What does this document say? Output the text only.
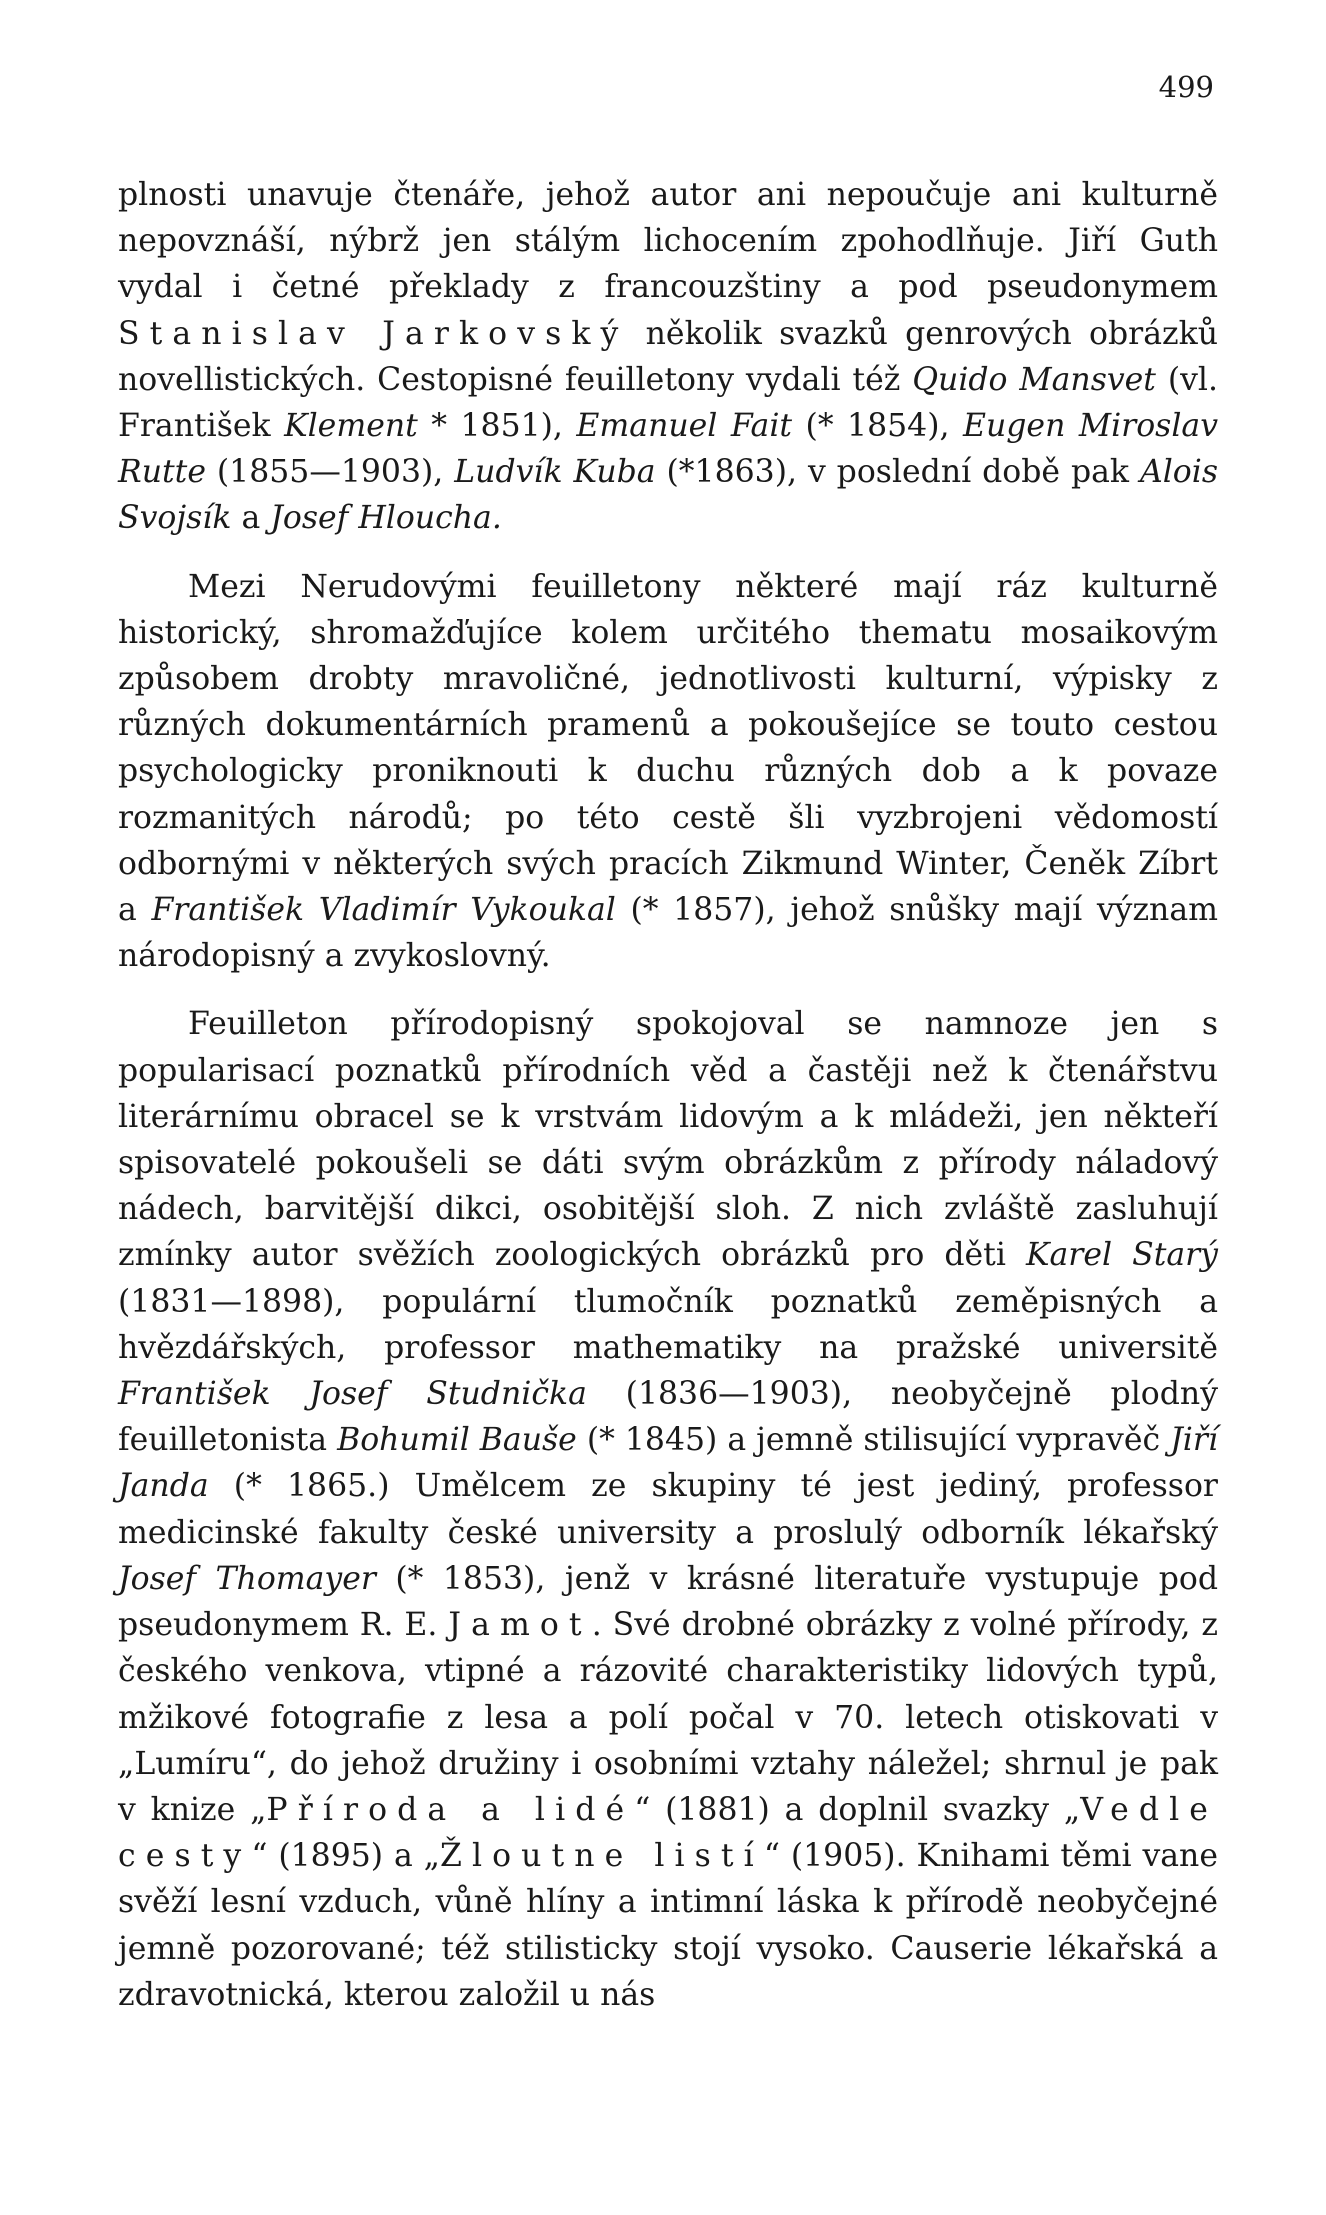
499

plnosti unavuje čtenáře, jehož autor ani nepoučuje ani kulturně nepovznáší, nýbrž jen stálým lichocením zpohodlňuje. Jiří Guth vydal i četné překlady z francouzštiny a pod pseudonymem Stanislav Jarkovský několik svazků genrových obrázků novellistických. Cestopisné feuilletony vydali též Quido Mansvet (vl. František Klement * 1851), Emanuel Fait (* 1854), Eugen Miroslav Rutte (1855—1903), Ludvík Kuba (*1863), v poslední době pak Alois Svojsík a Josef Hloucha.

Mezi Nerudovými feuilletony některé mají ráz kulturně historický, shromažďujíce kolem určitého thematu mosaikovým způsobem drobty mravoličné, jednotlivosti kulturní, výpisky z různých dokumentárních pramenů a pokoušejíce se touto cestou psychologicky proniknouti k duchu různých dob a k povaze rozmanitých národů; po této cestě šli vyzbrojeni vědomostí odbornými v některých svých pracích Zikmund Winter, Čeněk Zíbrt a František Vladimír Vykoukal (* 1857), jehož snůšky mají význam národopisný a zvykoslovný.

Feuilleton přírodopisný spokojoval se namnoze jen s popularisací poznatků přírodních věd a častěji než k čtenářstvu literárnímu obracel se k vrstvám lidovým a k mládeži, jen někteří spisovatelé pokoušeli se dáti svým obrázkům z přírody náladový nádech, barvitější dikci, osobitější sloh. Z nich zvláště zasluhují zmínky autor svěžích zoologických obrázků pro děti Karel Starý (1831—1898), populární tlumočník poznatků zeměpisných a hvězdářských, professor mathematiky na pražské universitě František Josef Studnička (1836—1903), neobyčejně plodný feuilletonista Bohumil Bauše (* 1845) a jemně stilisující vypravěč Jiří Janda (* 1865.) Umělcem ze skupiny té jest jediný, professor medicinské fakulty české university a proslulý odborník lékařský Josef Thomayer (* 1853), jenž v krásné literatuře vystupuje pod pseudonymem R. E. Jamot. Své drobné obrázky z volné přírody, z českého venkova, vtipné a rázovité charakteristiky lidových typů, mžikové fotografie z lesa a polí počal v 70. letech otiskovati v „Lumíru“, do jehož družiny i osobními vztahy náležel; shrnul je pak v knize „Příroda a lidé“ (1881) a doplnil svazky „Vedle cesty“ (1895) a „Žloutne listí“ (1905). Knihami těmi vane svěží lesní vzduch, vůně hlíny a intimní láska k přírodě neobyčejné jemně pozorované; též stilisticky stojí vysoko. Causerie lékařská a zdravotnická, kterou založil u nás
